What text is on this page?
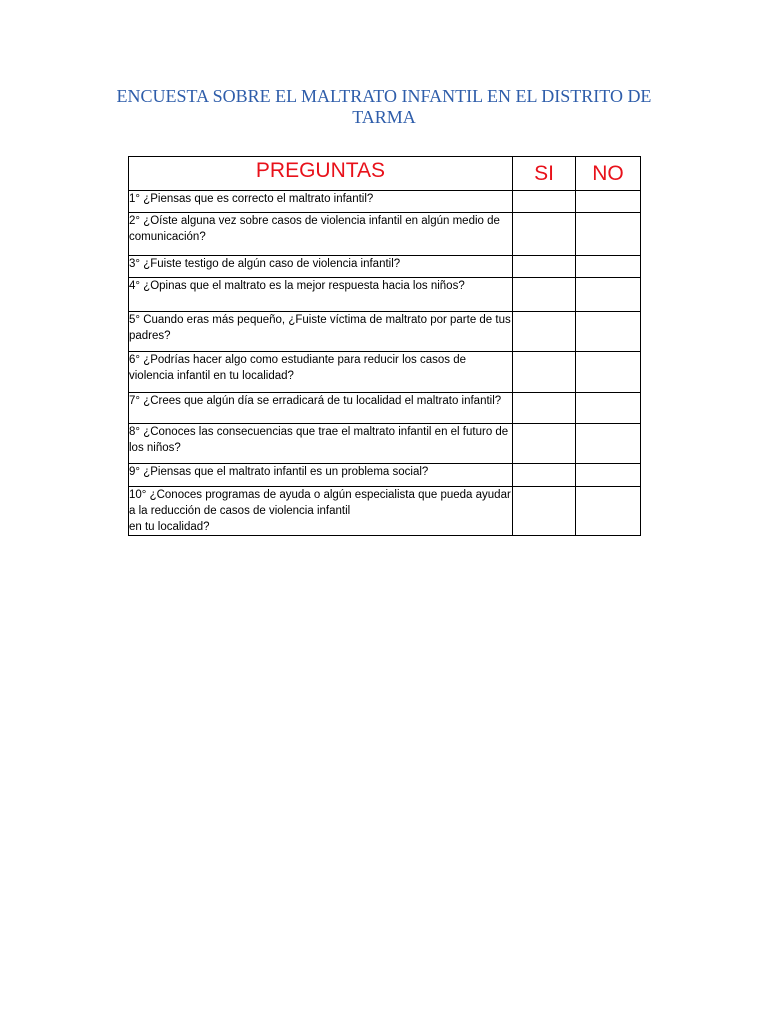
ENCUESTA SOBRE EL MALTRATO INFANTIL EN EL DISTRITO DE TARMA
PREGUNTAS	SI	NO
1° ¿Piensas que es correcto el maltrato infantil?		
2° ¿Oíste alguna vez sobre casos de violencia infantil en algún medio de comunicación?		
3° ¿Fuiste testigo de algún caso de violencia infantil?		
4° ¿Opinas que el maltrato es la mejor respuesta hacia los niños?		
5° Cuando eras más pequeño, ¿Fuiste víctima de maltrato por parte de tus padres?		
6° ¿Podrías hacer algo como estudiante para reducir los casos de violencia infantil en tu localidad?		
7° ¿Crees que algún día se erradicará de tu localidad el maltrato infantil?		
8° ¿Conoces las consecuencias que trae el maltrato infantil en el futuro de los niños?		
9° ¿Piensas que el maltrato infantil es un problema social?		
10° ¿Conoces programas de ayuda o algún especialista que pueda ayudar a la reducción de casos de violencia infantil
en tu localidad?		
